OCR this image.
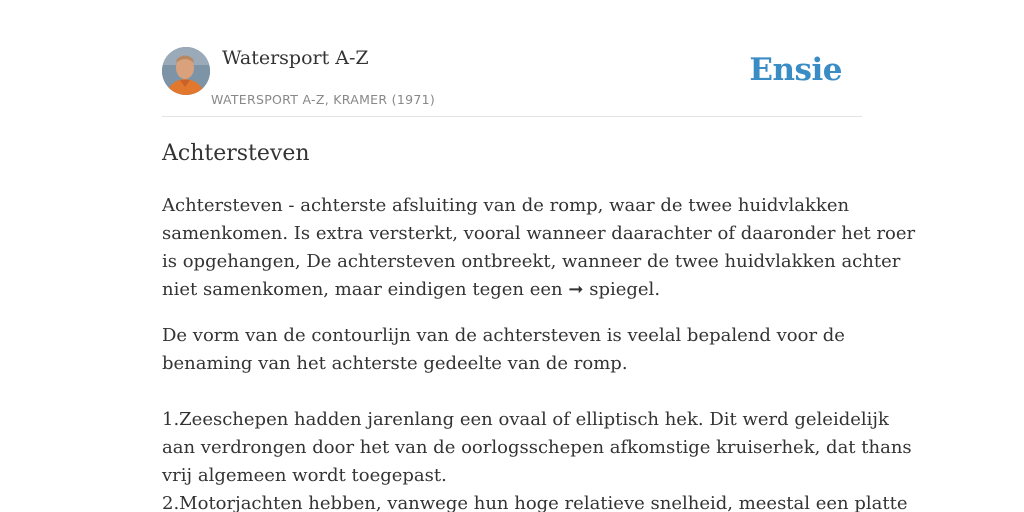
Watersport A-Z
WATERSPORT A-Z, KRAMER (1971)
Ensie
Achtersteven
Achtersteven - achterste afsluiting van de romp, waar de twee huidvlakken
samenkomen. Is extra versterkt, vooral wanneer daarachter of daaronder het roer
is opgehangen, De achtersteven ontbreekt, wanneer de twee huidvlakken achter
niet samenkomen, maar eindigen tegen een ➞ spiegel.
De vorm van de contourlijn van de achtersteven is veelal bepalend voor de
benaming van het achterste gedeelte van de romp.
1.Zeeschepen hadden jarenlang een ovaal of elliptisch hek. Dit werd geleidelijk
aan verdrongen door het van de oorlogsschepen afkomstige kruiserhek, dat thans
vrij algemeen wordt toegepast.
2.Motorjachten hebben, vanwege hun hoge relatieve snelheid, meestal een platte
